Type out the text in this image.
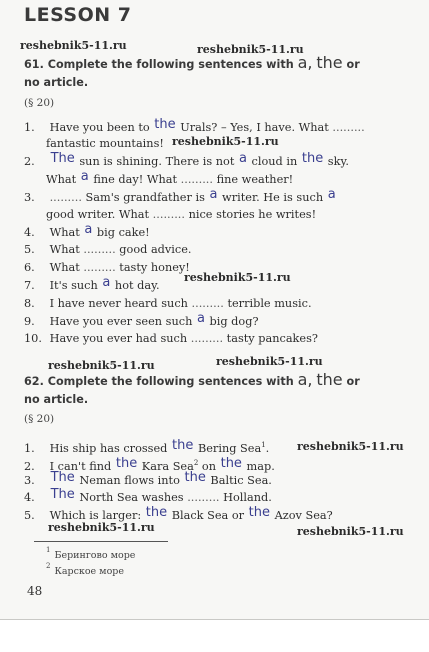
LESSON 7
reshebnik5-11.ru	reshebnik5-11.ru
61. Complete the following sentences with a, the or
no article.
(§ 20)
1. Have you been to the Urals? – Yes, I have. What .........
fantastic mountains! reshebnik5-11.ru
2. The sun is shining. There is not a cloud in the sky.
What a fine day! What ......... fine weather!
3. ......... Sam's grandfather is a writer. He is such a
good writer. What ......... nice stories he writes!
4. What a big cake!
5. What ......... good advice.
6. What ......... tasty honey!
reshebnik5-11.ru
7. It's such a hot day.
8. I have never heard such ......... terrible music.
9. Have you ever seen such a big dog?
10. Have you ever had such ......... tasty pancakes?
reshebnik5-11.ru	reshebnik5-11.ru
62. Complete the following sentences with a, the or
no article.
(§ 20)
1. His ship has crossed the Bering Sea$^1$.	reshebnik5-11.ru
2. I can't find the Kara Sea$^2$ on the map.
3. The Neman flows into the Baltic Sea.
4. The North Sea washes ......... Holland.
5. Which is larger: the Black Sea or the Azov Sea?
reshebnik5-11.ru	reshebnik5-11.ru
$^1$Берингово море
$^2$Карское море
48
